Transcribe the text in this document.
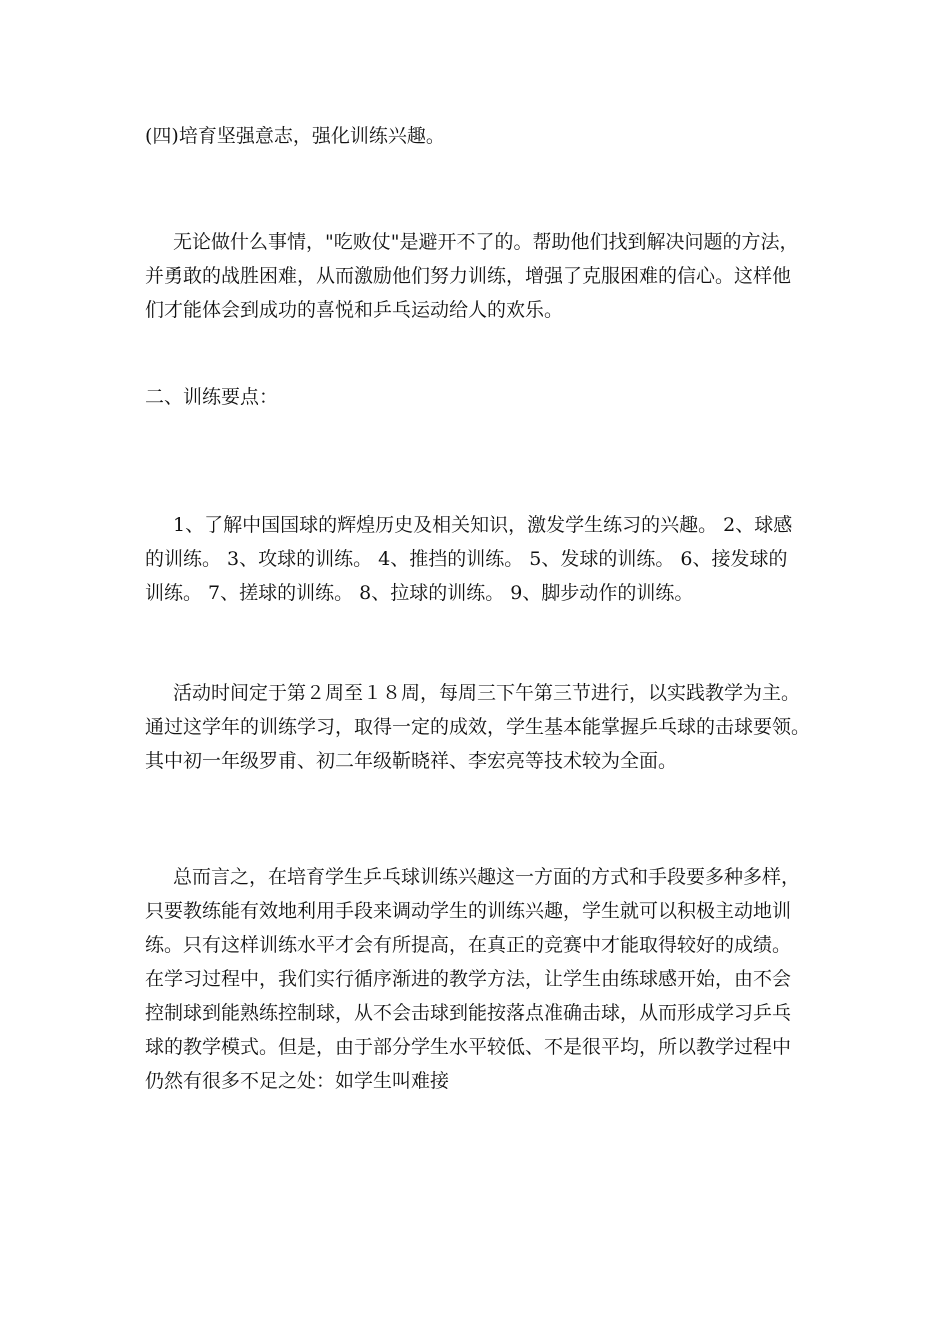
(四)培育坚强意志，强化训练兴趣。

无论做什么事情，"吃败仗"是避开不了的。帮助他们找到解决问题的方法，
并勇敢的战胜困难，从而激励他们努力训练，增强了克服困难的信心。这样他
们才能体会到成功的喜悦和乒乓运动给人的欢乐。

二、训练要点：

1、了解中国国球的辉煌历史及相关知识，激发学生练习的兴趣。 2、球感
的训练。 3、攻球的训练。 4、推挡的训练。 5、发球的训练。 6、接发球的
训练。 7、搓球的训练。 8、拉球的训练。 9、脚步动作的训练。

活动时间定于第２周至１８周，每周三下午第三节进行，以实践教学为主。
通过这学年的训练学习，取得一定的成效，学生基本能掌握乒乓球的击球要领。
其中初一年级罗甫、初二年级靳晓祥、李宏亮等技术较为全面。

总而言之，在培育学生乒乓球训练兴趣这一方面的方式和手段要多种多样，
只要教练能有效地利用手段来调动学生的训练兴趣，学生就可以积极主动地训
练。只有这样训练水平才会有所提高，在真正的竞赛中才能取得较好的成绩。
在学习过程中，我们实行循序渐进的教学方法，让学生由练球感开始，由不会
控制球到能熟练控制球，从不会击球到能按落点准确击球，从而形成学习乒乓
球的教学模式。但是，由于部分学生水平较低、不是很平均，所以教学过程中
仍然有很多不足之处：如学生叫难接
